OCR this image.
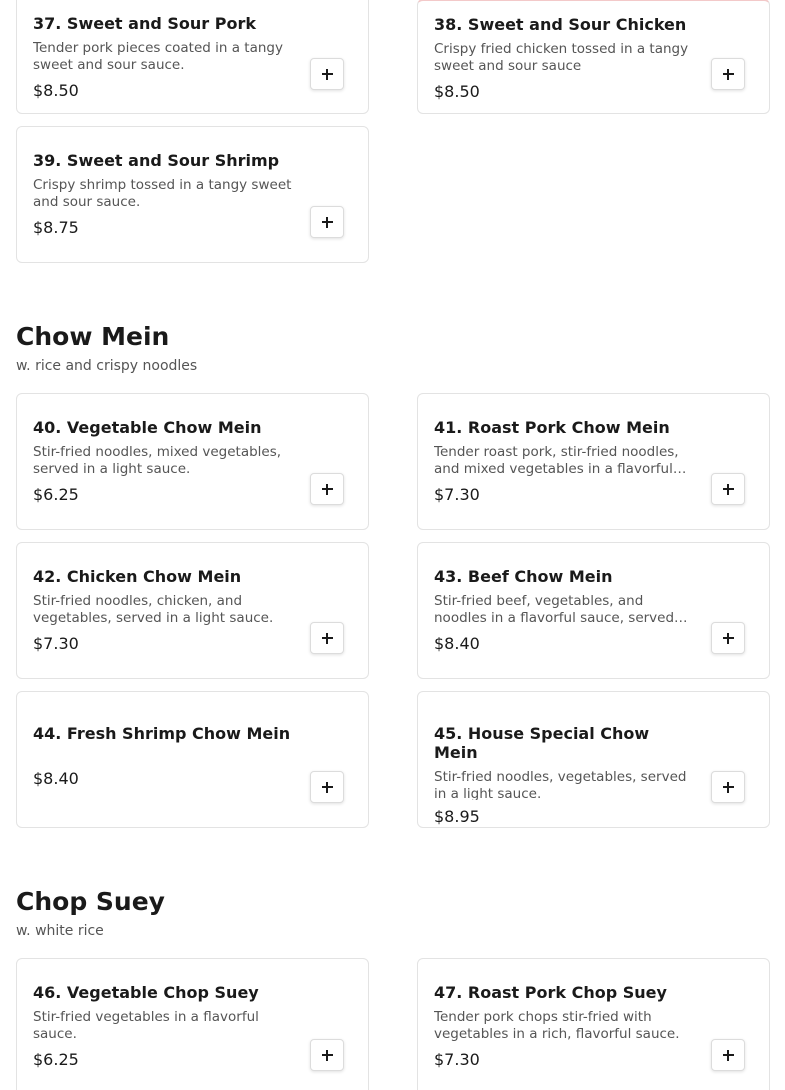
37. Sweet and Sour Pork
Tender pork pieces coated in a tangy sweet and sour sauce.
$8.50
38. Sweet and Sour Chicken
Crispy fried chicken tossed in a tangy sweet and sour sauce
$8.50
39. Sweet and Sour Shrimp
Crispy shrimp tossed in a tangy sweet and sour sauce.
$8.75
Chow Mein
w. rice and crispy noodles
40. Vegetable Chow Mein
Stir-fried noodles, mixed vegetables, served in a light sauce.
$6.25
41. Roast Pork Chow Mein
Tender roast pork, stir-fried noodles, and mixed vegetables in a flavorful
$7.30
42. Chicken Chow Mein
Stir-fried noodles, chicken, and vegetables, served in a light sauce.
$7.30
43. Beef Chow Mein
Stir-fried beef, vegetables, and noodles in a flavorful sauce, served
$8.40
44. Fresh Shrimp Chow Mein
$8.40
45. House Special Chow Mein
Stir-fried noodles, vegetables, served in a light sauce.
$8.95
Chop Suey
w. white rice
46. Vegetable Chop Suey
Stir-fried vegetables in a flavorful sauce.
$6.25
47. Roast Pork Chop Suey
Tender pork chops stir-fried with vegetables in a rich, flavorful sauce.
$7.30
